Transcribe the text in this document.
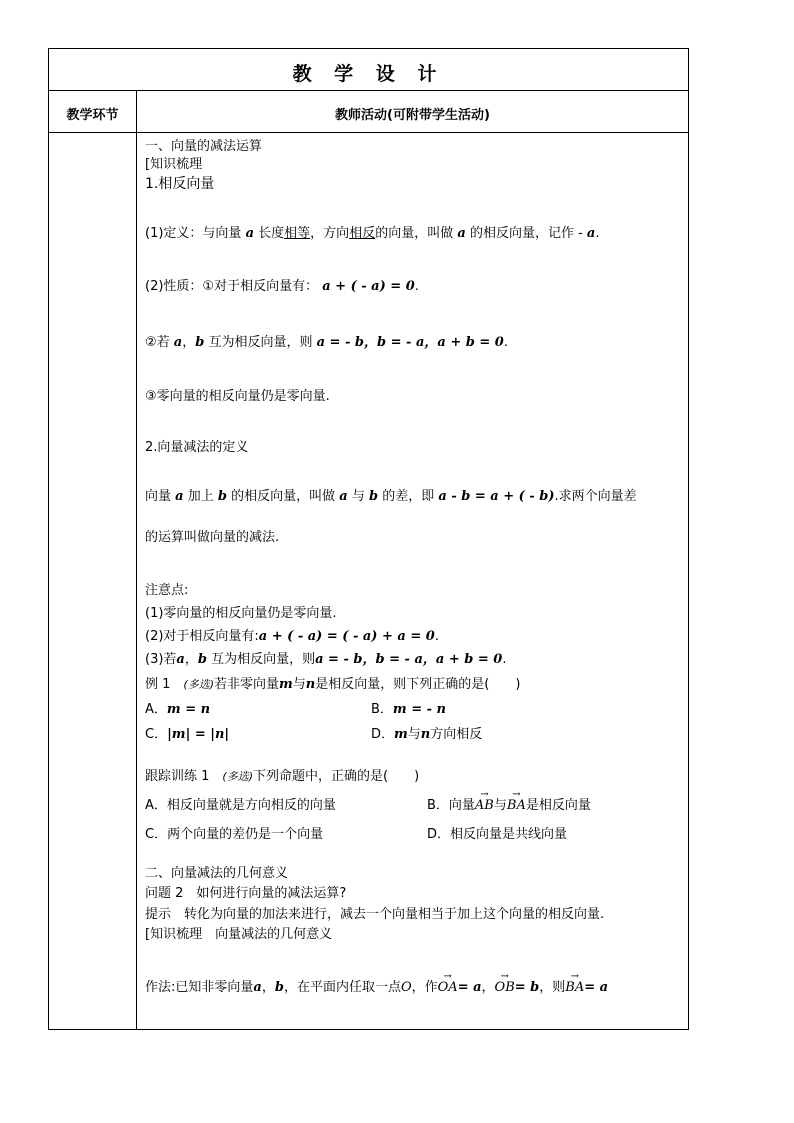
教 学 设 计
教学环节	教师活动(可附带学生活动)
一、向量的减法运算
[知识梳理
1.相反向量
(1)定义：与向量 a 长度相等，方向相反的向量，叫做 a 的相反向量，记作 - a.
(2)性质：①对于相反向量有： a + ( - a) = 0.
②若 a，b 互为相反向量，则 a = - b，b = - a，a + b = 0.
③零向量的相反向量仍是零向量.
2.向量减法的定义
向量 a 加上 b 的相反向量，叫做 a 与 b 的差，即 a - b = a + ( - b).求两个向量差
的运算叫做向量的减法.
注意点:
(1)零向量的相反向量仍是零向量.
(2)对于相反向量有:a + ( - a) = ( - a) + a = 0.
(3)若a，b 互为相反向量，则a = - b，b = - a，a + b = 0.
例 1　(多选)若非零向量m与n是相反向量，则下列正确的是(　　)
A．m = n	B．m = - n
C．|m| = |n|	D．m与n方向相反
跟踪训练 1　(多选)下列命题中，正确的是(　　)
A．相反向量就是方向相反的向量	B．向量→ AB与→ BA是相反向量
C．两个向量的差仍是一个向量	D．相反向量是共线向量
二、向量减法的几何意义
问题 2　如何进行向量的减法运算?
提示　转化为向量的加法来进行，减去一个向量相当于加上这个向量的相反向量.
[知识梳理　向量减法的几何意义
作法:已知非零向量a，b，在平面内任取一点O，作→ OA= a，→ OB= b，则→ BA= a
